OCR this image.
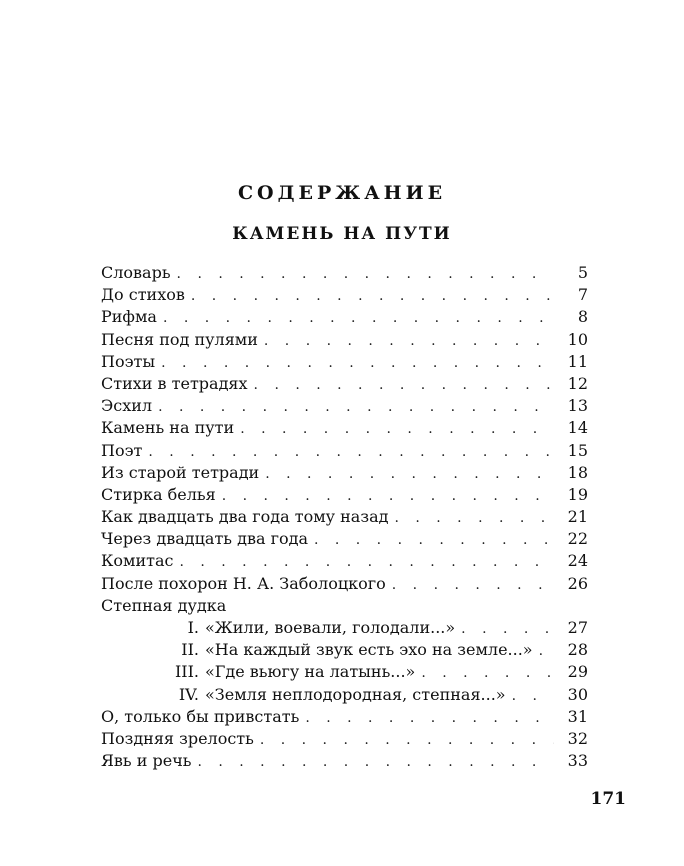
СОДЕРЖАНИЕ
КАМЕНЬ НА ПУТИ
Словарь . . .	5
До стихов . . .	7
Рифма . . .	8
Песня под пулями . . .	10
Поэты . . .	11
Стихи в тетрадях . . .	12
Эсхил . . .	13
Камень на пути . . .	14
Поэт . . .	15
Из старой тетради . . .	18
Стирка белья . . .	19
Как двадцать два года тому назад . . .	21
Через двадцать два года . . .	22
Комитас . . .	24
После похорон Н. А. Заболоцкого . . .	26
Степная дудка
I. «Жили, воевали, голодали...» . . .	27
II. «На каждый звук есть эхо на земле...» . . .	28
III. «Где вьюгу на латынь...» . . .	29
IV. «Земля неплодородная, степная...» . . .	30
О, только бы привстать . . .	31
Поздняя зрелость . . .	32
Явь и речь . . .	33
171
